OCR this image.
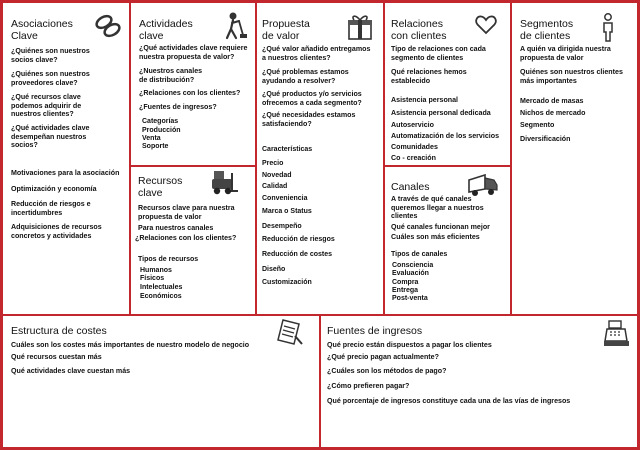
Asociaciones
Clave
¿Quiénes son nuestros
socios clave?
¿Quiénes son nuestros
proveedores clave?
¿Qué recursos clave
podemos adquirir de
nuestros clientes?
¿Qué actividades clave
desempeñan nuestros
socios?
Motivaciones para la asociación
Optimización y economía
Reducción de riesgos e
incertidumbres
Adquisiciones de recursos
concretos y actividades
Actividades
clave
¿Qué actividades clave requiere
nuestra propuesta de valor?
¿Nuestros canales
de distribución?
¿Relaciones con los clientes?
¿Fuentes de ingresos?
Categorías
Producción
Venta
Soporte
Recursos
clave
Recursos clave para nuestra
propuesta de valor
Para nuestros canales
¿Relaciones con los clientes?
Tipos de recursos
Humanos
Físicos
Intelectuales
Económicos
Propuesta
de valor
¿Qué valor añadido entregamos
a nuestros clientes?
¿Qué problemas estamos
ayudando a resolver?
¿Qué productos y/o servicios
ofrecemos a cada segmento?
¿Qué necesidades estamos
satisfaciendo?
Características
Precio
Novedad
Calidad
Conveniencia
Marca o Status
Desempeño
Reducción de riesgos
Reducción de costes
Diseño
Customización
Relaciones
con clientes
Tipo de relaciones con cada
segmento de clientes
Qué relaciones hemos
establecido
Asistencia personal
Asistencia personal dedicada
Autoservicio
Automatización de los servicios
Comunidades
Co - creación
Canales
A través de qué canales
queremos llegar a nuestros
clientes
Qué canales funcionan mejor
Cuáles son más eficientes
Tipos de canales
Consciencia
Evaluación
Compra
Entrega
Post-venta
Segmentos
de clientes
A quién va dirigida nuestra
propuesta de valor
Quiénes son nuestros clientes
más importantes
Mercado de masas
Nichos de mercado
Segmento
Diversificación
Estructura de costes
Cuáles son los costes más importantes de nuestro modelo de negocio
Qué recursos cuestan más
Qué actividades clave cuestan más
Fuentes de ingresos
Qué precio están dispuestos a pagar los clientes
¿Qué precio pagan actualmente?
¿Cuáles son los métodos de pago?
¿Cómo prefieren pagar?
Qué porcentaje de ingresos constituye cada una de las vías de ingresos
